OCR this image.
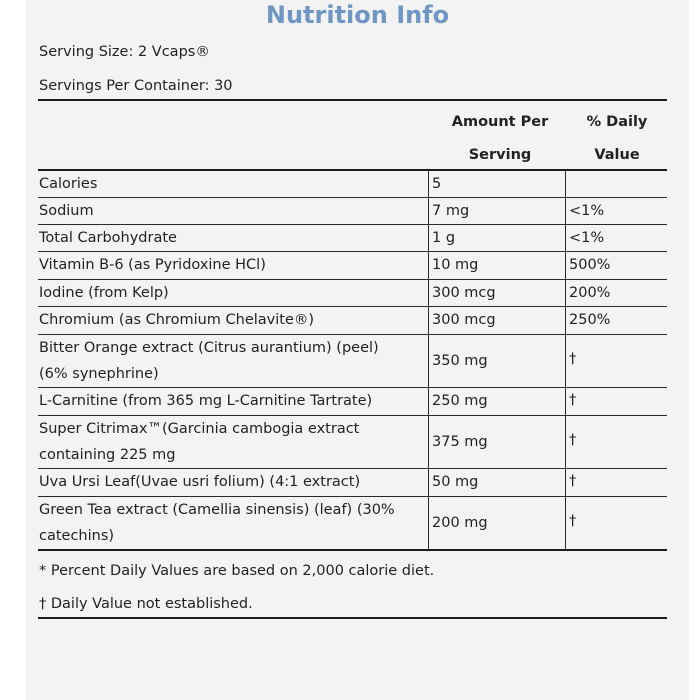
Nutrition Info
Serving Size: 2 Vcaps®
Servings Per Container: 30
Amount Per
Serving
% Daily
Value
Calories	5
Sodium	7 mg	<1%
Total Carbohydrate	1 g	<1%
Vitamin B-6 (as Pyridoxine HCl)	10 mg	500%
Iodine (from Kelp)	300 mcg	200%
Chromium (as Chromium Chelavite®)	300 mcg	250%
Bitter Orange extract (Citrus aurantium) (peel)
(6% synephrine)
350 mg	†
L-Carnitine (from 365 mg L-Carnitine Tartrate)	250 mg	†
Super Citrimax™(Garcinia cambogia extract
containing 225 mg
375 mg	†
Uva Ursi Leaf(Uvae usri folium) (4:1 extract)	50 mg	†
Green Tea extract (Camellia sinensis) (leaf) (30%
catechins)
200 mg	†
* Percent Daily Values are based on 2,000 calorie diet.
† Daily Value not established.
